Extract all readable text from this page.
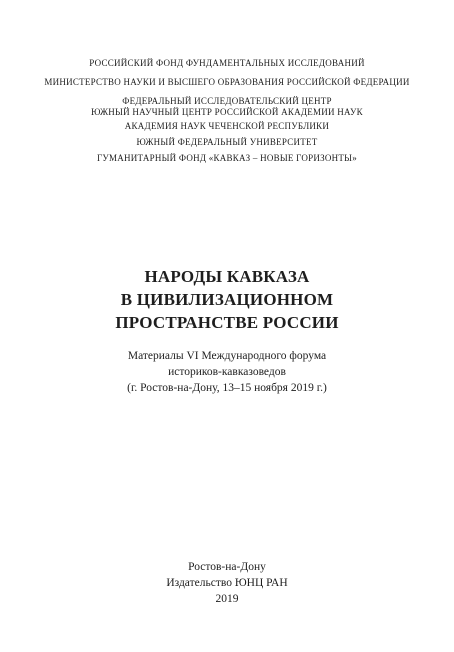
РОССИЙСКИЙ ФОНД ФУНДАМЕНТАЛЬНЫХ ИССЛЕДОВАНИЙ
МИНИСТЕРСТВО НАУКИ И ВЫСШЕГО ОБРАЗОВАНИЯ РОССИЙСКОЙ ФЕДЕРАЦИИ
ФЕДЕРАЛЬНЫЙ ИССЛЕДОВАТЕЛЬСКИЙ ЦЕНТР
ЮЖНЫЙ НАУЧНЫЙ ЦЕНТР РОССИЙСКОЙ АКАДЕМИИ НАУК
АКАДЕМИЯ НАУК ЧЕЧЕНСКОЙ РЕСПУБЛИКИ
ЮЖНЫЙ ФЕДЕРАЛЬНЫЙ УНИВЕРСИТЕТ
ГУМАНИТАРНЫЙ ФОНД «КАВКАЗ – НОВЫЕ ГОРИЗОНТЫ»
НАРОДЫ КАВКАЗА
В ЦИВИЛИЗАЦИОННОМ
ПРОСТРАНСТВЕ РОССИИ
Материалы VI Международного форума
историков-кавказоведов
(г. Ростов-на-Дону, 13–15 ноября 2019 г.)
Ростов-на-Дону
Издательство ЮНЦ РАН
2019
